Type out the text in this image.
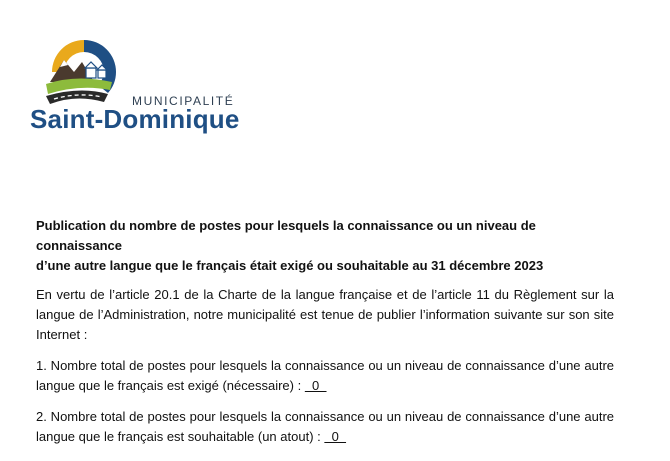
MUNICIPALITÉ
Saint-Dominique
Publication du nombre de postes pour lesquels la connaissance ou un niveau de connaissance
d’une autre langue que le français était exigé ou souhaitable au 31 décembre 2023

En vertu de l’article 20.1 de la Charte de la langue française et de l’article 11 du Règlement sur la langue de l’Administration, notre municipalité est tenue de publier l’information suivante sur son site Internet :

1. Nombre total de postes pour lesquels la connaissance ou un niveau de connaissance d’une autre langue que le français est exigé (nécessaire) :   0

2. Nombre total de postes pour lesquels la connaissance ou un niveau de connaissance d’une autre langue que le français est souhaitable (un atout) :   0
